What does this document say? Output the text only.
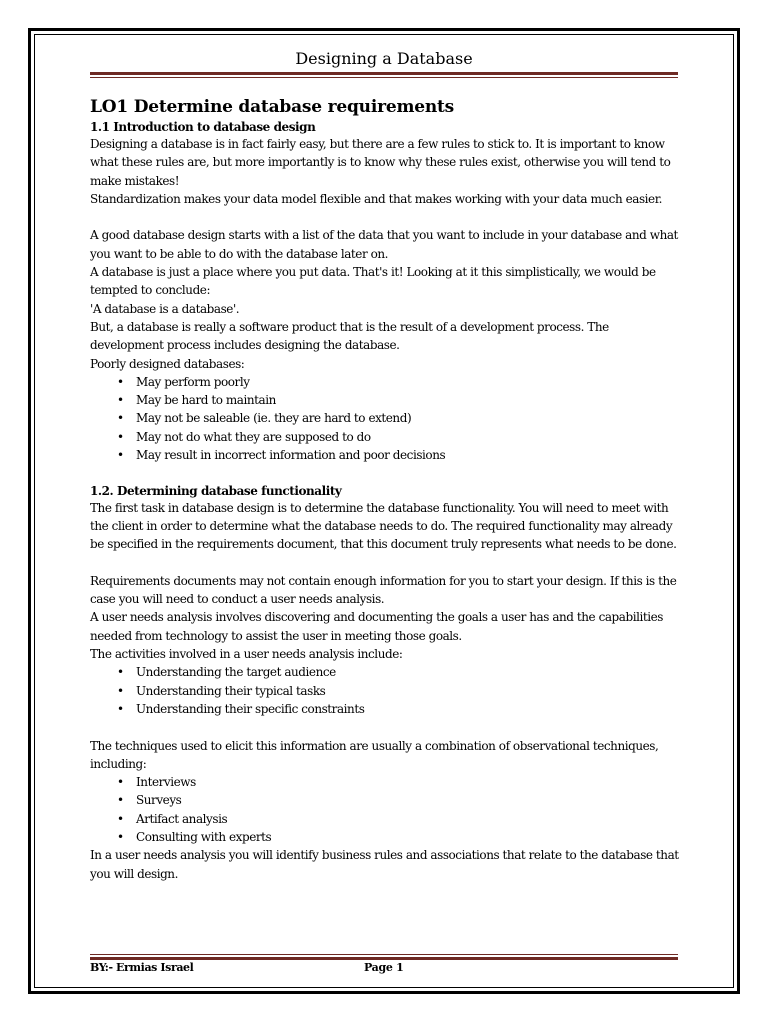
Designing a Database
LO1 Determine database requirements
1.1 Introduction to database design

Designing a database is in fact fairly easy, but there are a few rules to stick to. It is important to know what these rules are, but more importantly is to know why these rules exist, otherwise you will tend to make mistakes!

Standardization makes your data model flexible and that makes working with your data much easier.

A good database design starts with a list of the data that you want to include in your database and what you want to be able to do with the database later on.

A database is just a place where you put data. That's it! Looking at it this simplistically, we would be tempted to conclude:

'A database is a database'.

But, a database is really a software product that is the result of a development process. The development process includes designing the database.

Poorly designed databases:

• May perform poorly
• May be hard to maintain
• May not be saleable (ie. they are hard to extend)
• May not do what they are supposed to do
• May result in incorrect information and poor decisions
1.2. Determining database functionality

The first task in database design is to determine the database functionality. You will need to meet with the client in order to determine what the database needs to do. The required functionality may already be specified in the requirements document, that this document truly represents what needs to be done.

Requirements documents may not contain enough information for you to start your design. If this is the case you will need to conduct a user needs analysis.

A user needs analysis involves discovering and documenting the goals a user has and the capabilities needed from technology to assist the user in meeting those goals.

The activities involved in a user needs analysis include:

• Understanding the target audience
• Understanding their typical tasks
• Understanding their specific constraints

The techniques used to elicit this information are usually a combination of observational techniques, including:

• Interviews
• Surveys
• Artifact analysis
• Consulting with experts

In a user needs analysis you will identify business rules and associations that relate to the database that you will design.

BY:- Ermias Israel	Page 1
